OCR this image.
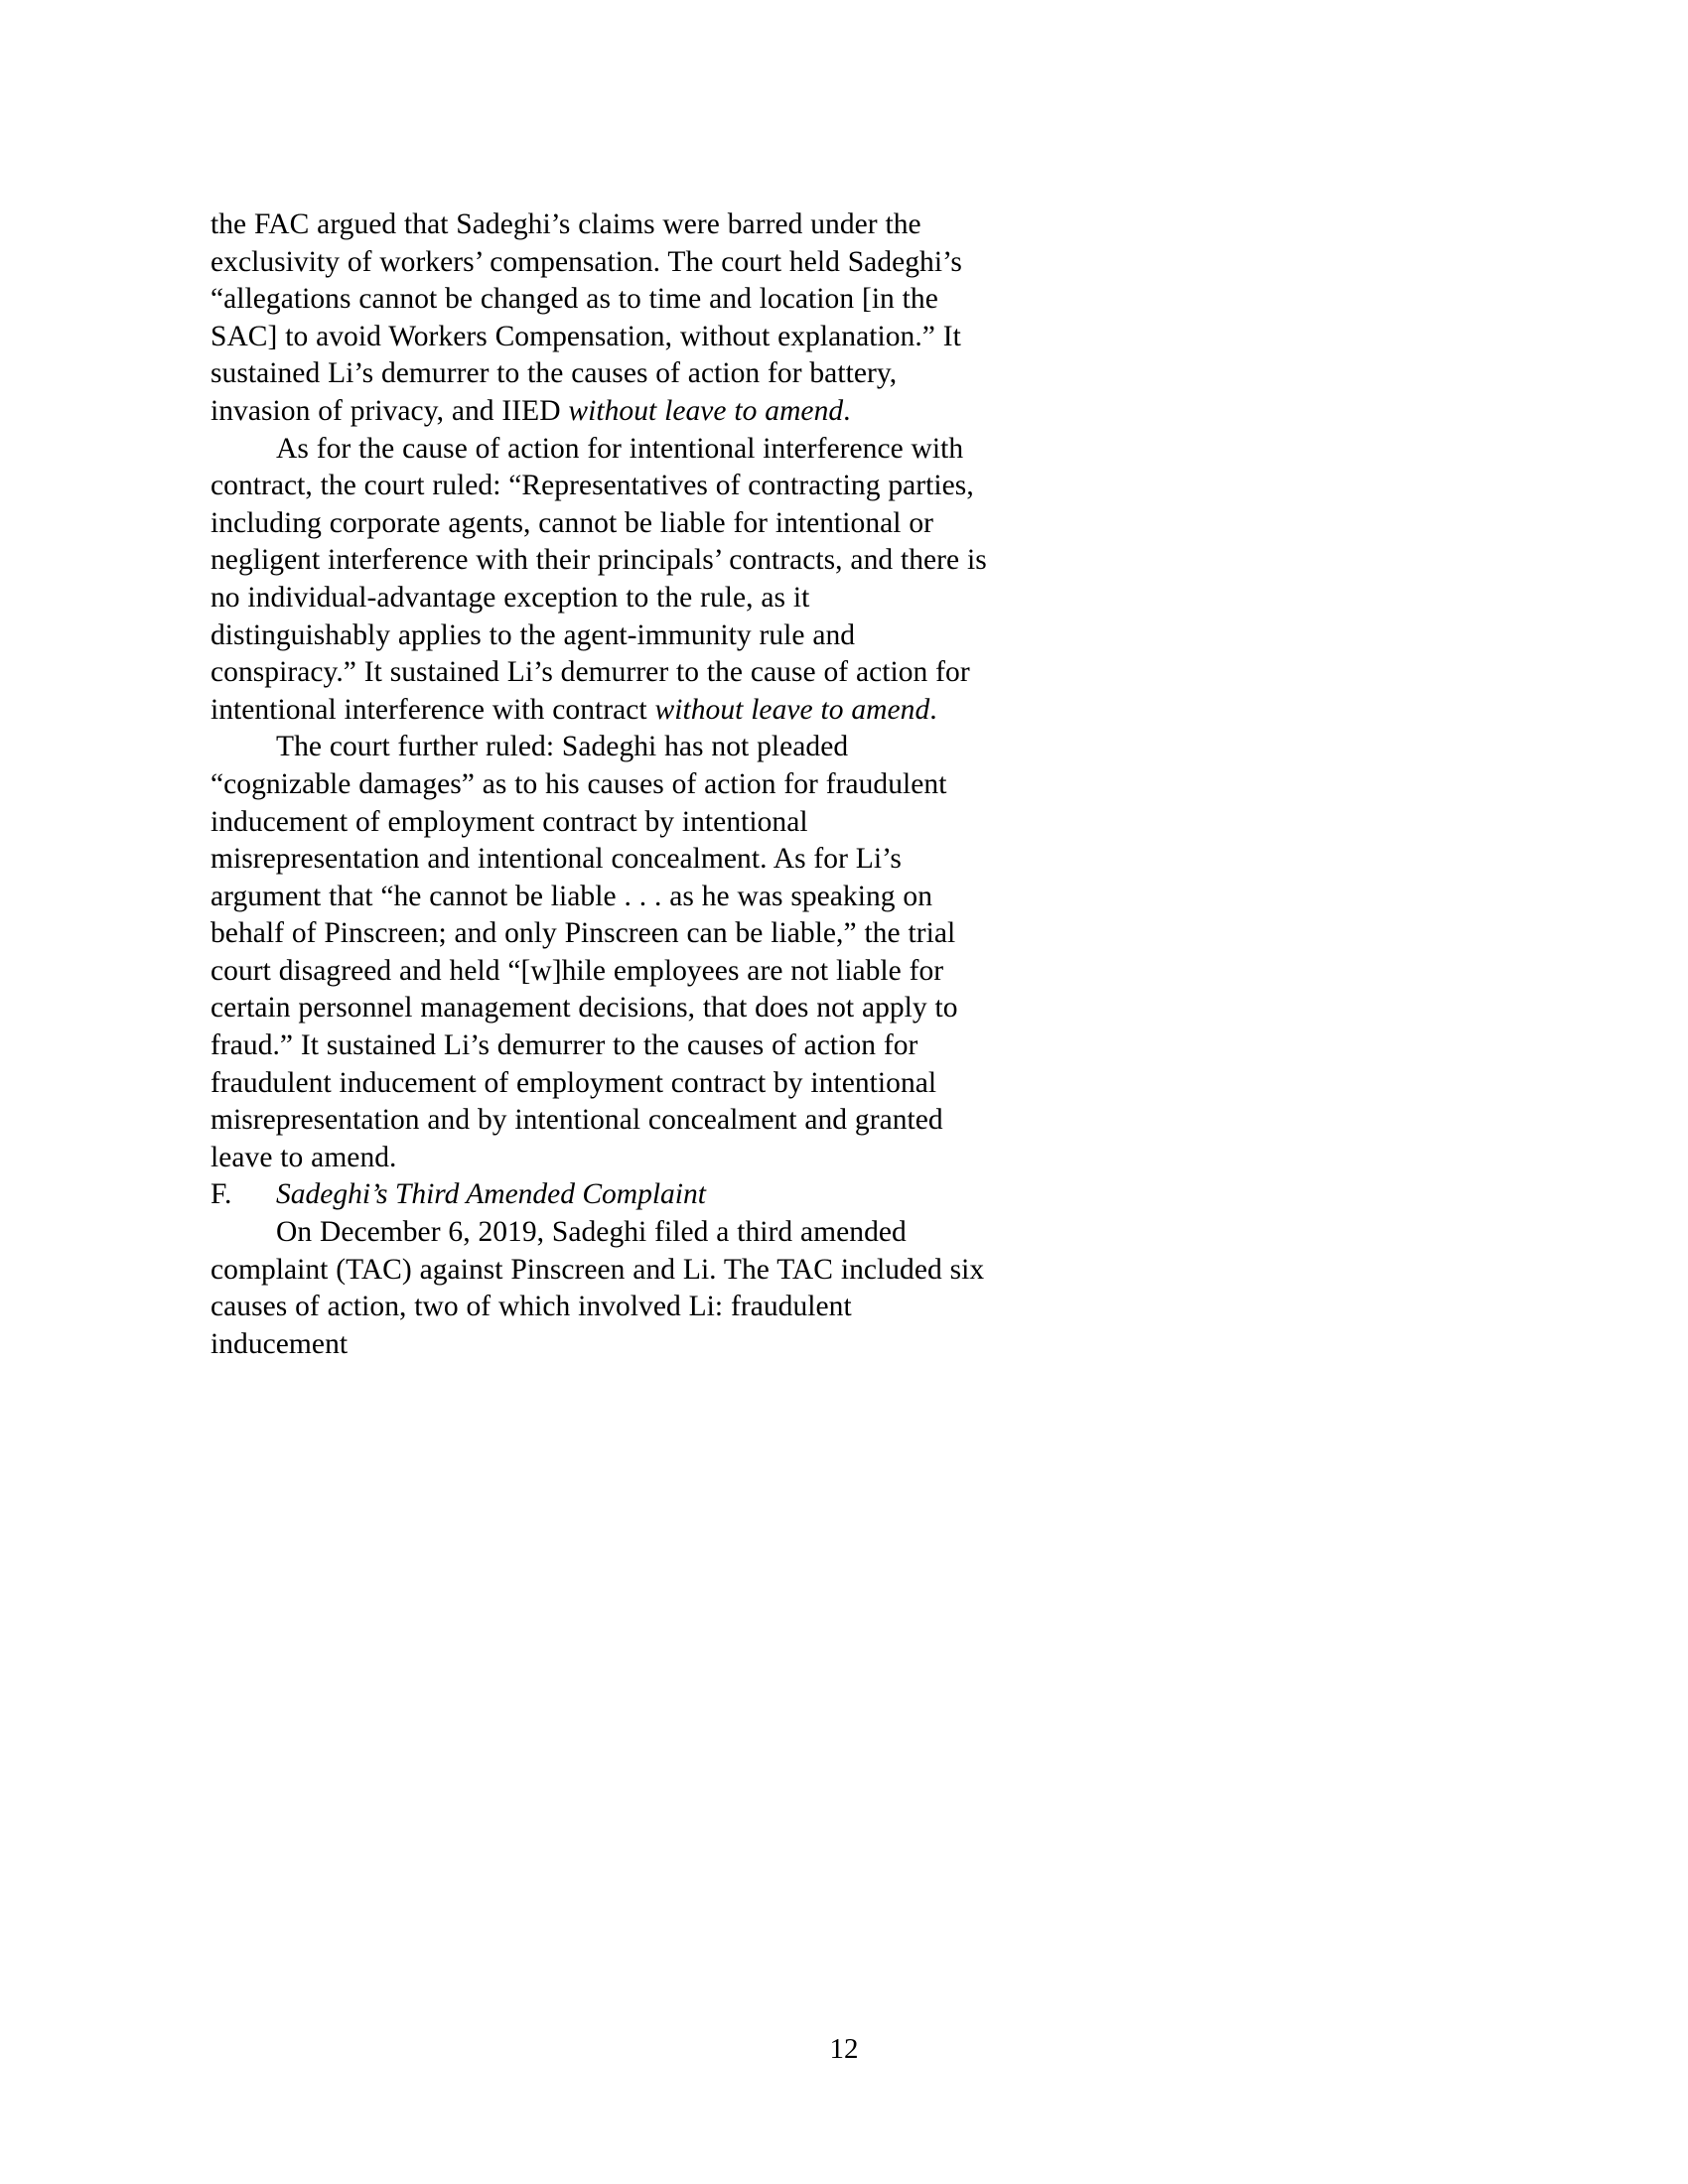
the FAC argued that Sadeghi’s claims were barred under the exclusivity of workers’ compensation. The court held Sadeghi’s “allegations cannot be changed as to time and location [in the SAC] to avoid Workers Compensation, without explanation.” It sustained Li’s demurrer to the causes of action for battery, invasion of privacy, and IIED without leave to amend.

As for the cause of action for intentional interference with contract, the court ruled: “Representatives of contracting parties, including corporate agents, cannot be liable for intentional or negligent interference with their principals’ contracts, and there is no individual-advantage exception to the rule, as it distinguishably applies to the agent-immunity rule and conspiracy.” It sustained Li’s demurrer to the cause of action for intentional interference with contract without leave to amend.

The court further ruled: Sadeghi has not pleaded “cognizable damages” as to his causes of action for fraudulent inducement of employment contract by intentional misrepresentation and intentional concealment. As for Li’s argument that “he cannot be liable . . . as he was speaking on behalf of Pinscreen; and only Pinscreen can be liable,” the trial court disagreed and held “[w]hile employees are not liable for certain personnel management decisions, that does not apply to fraud.” It sustained Li’s demurrer to the causes of action for fraudulent inducement of employment contract by intentional misrepresentation and by intentional concealment and granted leave to amend.

F. Sadeghi’s Third Amended Complaint

On December 6, 2019, Sadeghi filed a third amended complaint (TAC) against Pinscreen and Li. The TAC included six causes of action, two of which involved Li: fraudulent inducement

12
